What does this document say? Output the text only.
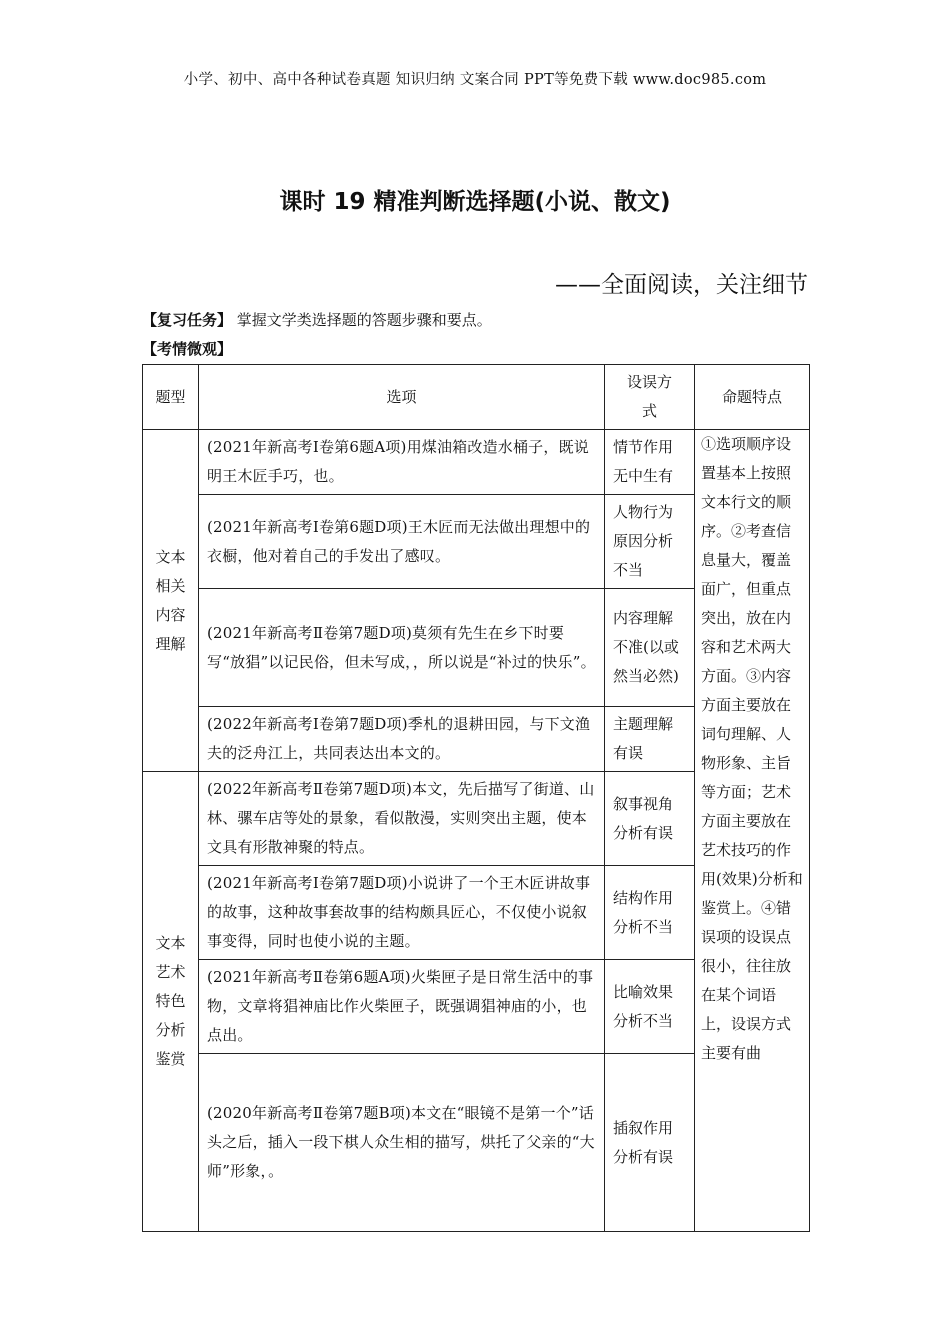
小学、初中、高中各种试卷真题 知识归纳 文案合同 PPT等免费下载 www.doc985.com
课时 19 精准判断选择题(小说、散文)
——全面阅读，关注细节
【复习任务】 掌握文学类选择题的答题步骤和要点。
【考情微观】
题型	选项	设误方式	命题特点
文本相关内容理解	(2021年新高考Ⅰ卷第6题A项)用煤油箱改造水桶子，既说明王木匠手巧，也。	情节作用无中生有	①选项顺序设置基本上按照文本行文的顺序。②考查信息量大，覆盖面广，但重点突出，放在内容和艺术两大方面。③内容方面主要放在词句理解、人物形象、主旨等方面；艺术方面主要放在艺术技巧的作用(效果)分析和鉴赏上。④错误项的设误点很小，往往放在某个词语上，设误方式主要有曲
	(2021年新高考Ⅰ卷第6题D项)王木匠而无法做出理想中的衣橱，他对着自己的手发出了感叹。	人物行为原因分析不当	
	(2021年新高考Ⅱ卷第7题D项)莫须有先生在乡下时要写“放猖”以记民俗，但未写成，，所以说是“补过的快乐”。	内容理解不准(以或然当必然)	
	(2022年新高考Ⅰ卷第7题D项)季札的退耕田园，与下文渔夫的泛舟江上，共同表达出本文的。	主题理解有误	
文本艺术特色分析鉴赏	(2022年新高考Ⅱ卷第7题D项)本文，先后描写了街道、山林、骡车店等处的景象，看似散漫，实则突出主题，使本文具有形散神聚的特点。	叙事视角分析有误	
	(2021年新高考Ⅰ卷第7题D项)小说讲了一个王木匠讲故事的故事，这种故事套故事的结构颇具匠心，不仅使小说叙事变得，同时也使小说的主题。	结构作用分析不当	
	(2021年新高考Ⅱ卷第6题A项)火柴匣子是日常生活中的事物，文章将猖神庙比作火柴匣子，既强调猖神庙的小，也点出。	比喻效果分析不当	
	(2020年新高考Ⅱ卷第7题B项)本文在“眼镜不是第一个”话头之后，插入一段下棋人众生相的描写，烘托了父亲的“大师”形象，。	插叙作用分析有误	
